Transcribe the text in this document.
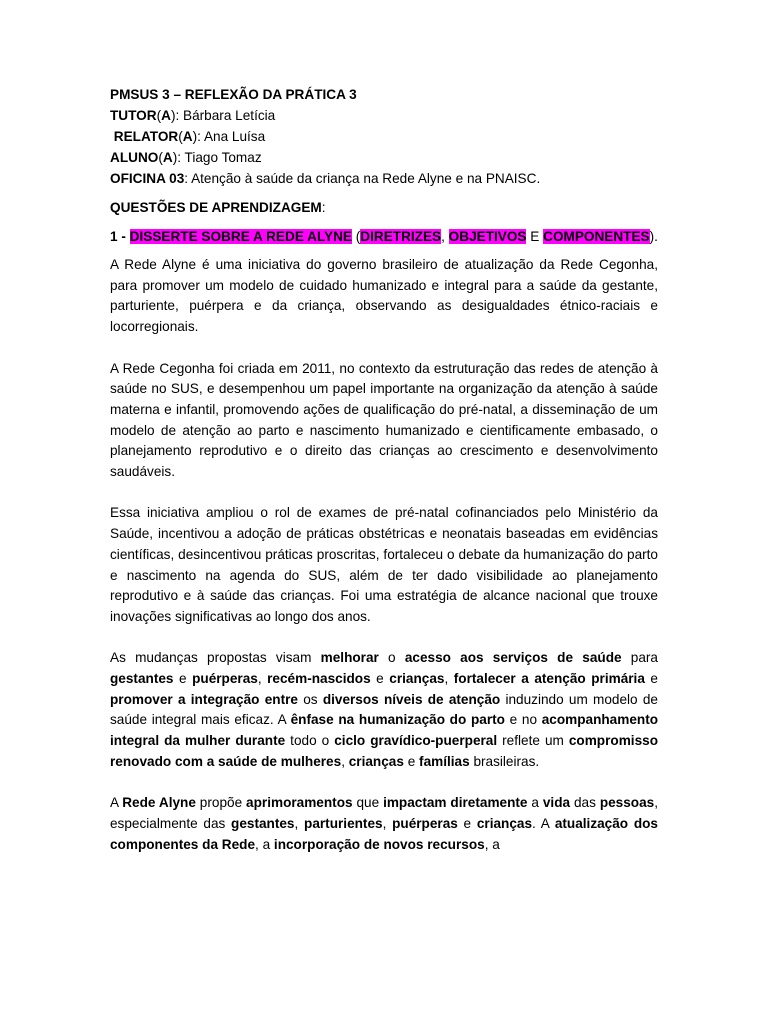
PMSUS 3 – REFLEXÃO DA PRÁTICA 3

TUTOR(A): Bárbara Letícia

RELATOR(A): Ana Luísa

ALUNO(A): Tiago Tomaz

OFICINA 03: Atenção à saúde da criança na Rede Alyne e na PNAISC.

QUESTÕES DE APRENDIZAGEM:

1 - DISSERTE SOBRE A REDE ALYNE (DIRETRIZES, OBJETIVOS E COMPONENTES).

A Rede Alyne é uma iniciativa do governo brasileiro de atualização da Rede Cegonha, para promover um modelo de cuidado humanizado e integral para a saúde da gestante, parturiente, puérpera e da criança, observando as desigualdades étnico-raciais e locorregionais.

A Rede Cegonha foi criada em 2011, no contexto da estruturação das redes de atenção à saúde no SUS, e desempenhou um papel importante na organização da atenção à saúde materna e infantil, promovendo ações de qualificação do pré-natal, a disseminação de um modelo de atenção ao parto e nascimento humanizado e cientificamente embasado, o planejamento reprodutivo e o direito das crianças ao crescimento e desenvolvimento saudáveis.

Essa iniciativa ampliou o rol de exames de pré-natal cofinanciados pelo Ministério da Saúde, incentivou a adoção de práticas obstétricas e neonatais baseadas em evidências científicas, desincentivou práticas proscritas, fortaleceu o debate da humanização do parto e nascimento na agenda do SUS, além de ter dado visibilidade ao planejamento reprodutivo e à saúde das crianças. Foi uma estratégia de alcance nacional que trouxe inovações significativas ao longo dos anos.

As mudanças propostas visam melhorar o acesso aos serviços de saúde para gestantes e puérperas, recém-nascidos e crianças, fortalecer a atenção primária e promover a integração entre os diversos níveis de atenção induzindo um modelo de saúde integral mais eficaz. A ênfase na humanização do parto e no acompanhamento integral da mulher durante todo o ciclo gravídico-puerperal reflete um compromisso renovado com a saúde de mulheres, crianças e famílias brasileiras.

A Rede Alyne propõe aprimoramentos que impactam diretamente a vida das pessoas, especialmente das gestantes, parturientes, puérperas e crianças. A atualização dos componentes da Rede, a incorporação de novos recursos, a
